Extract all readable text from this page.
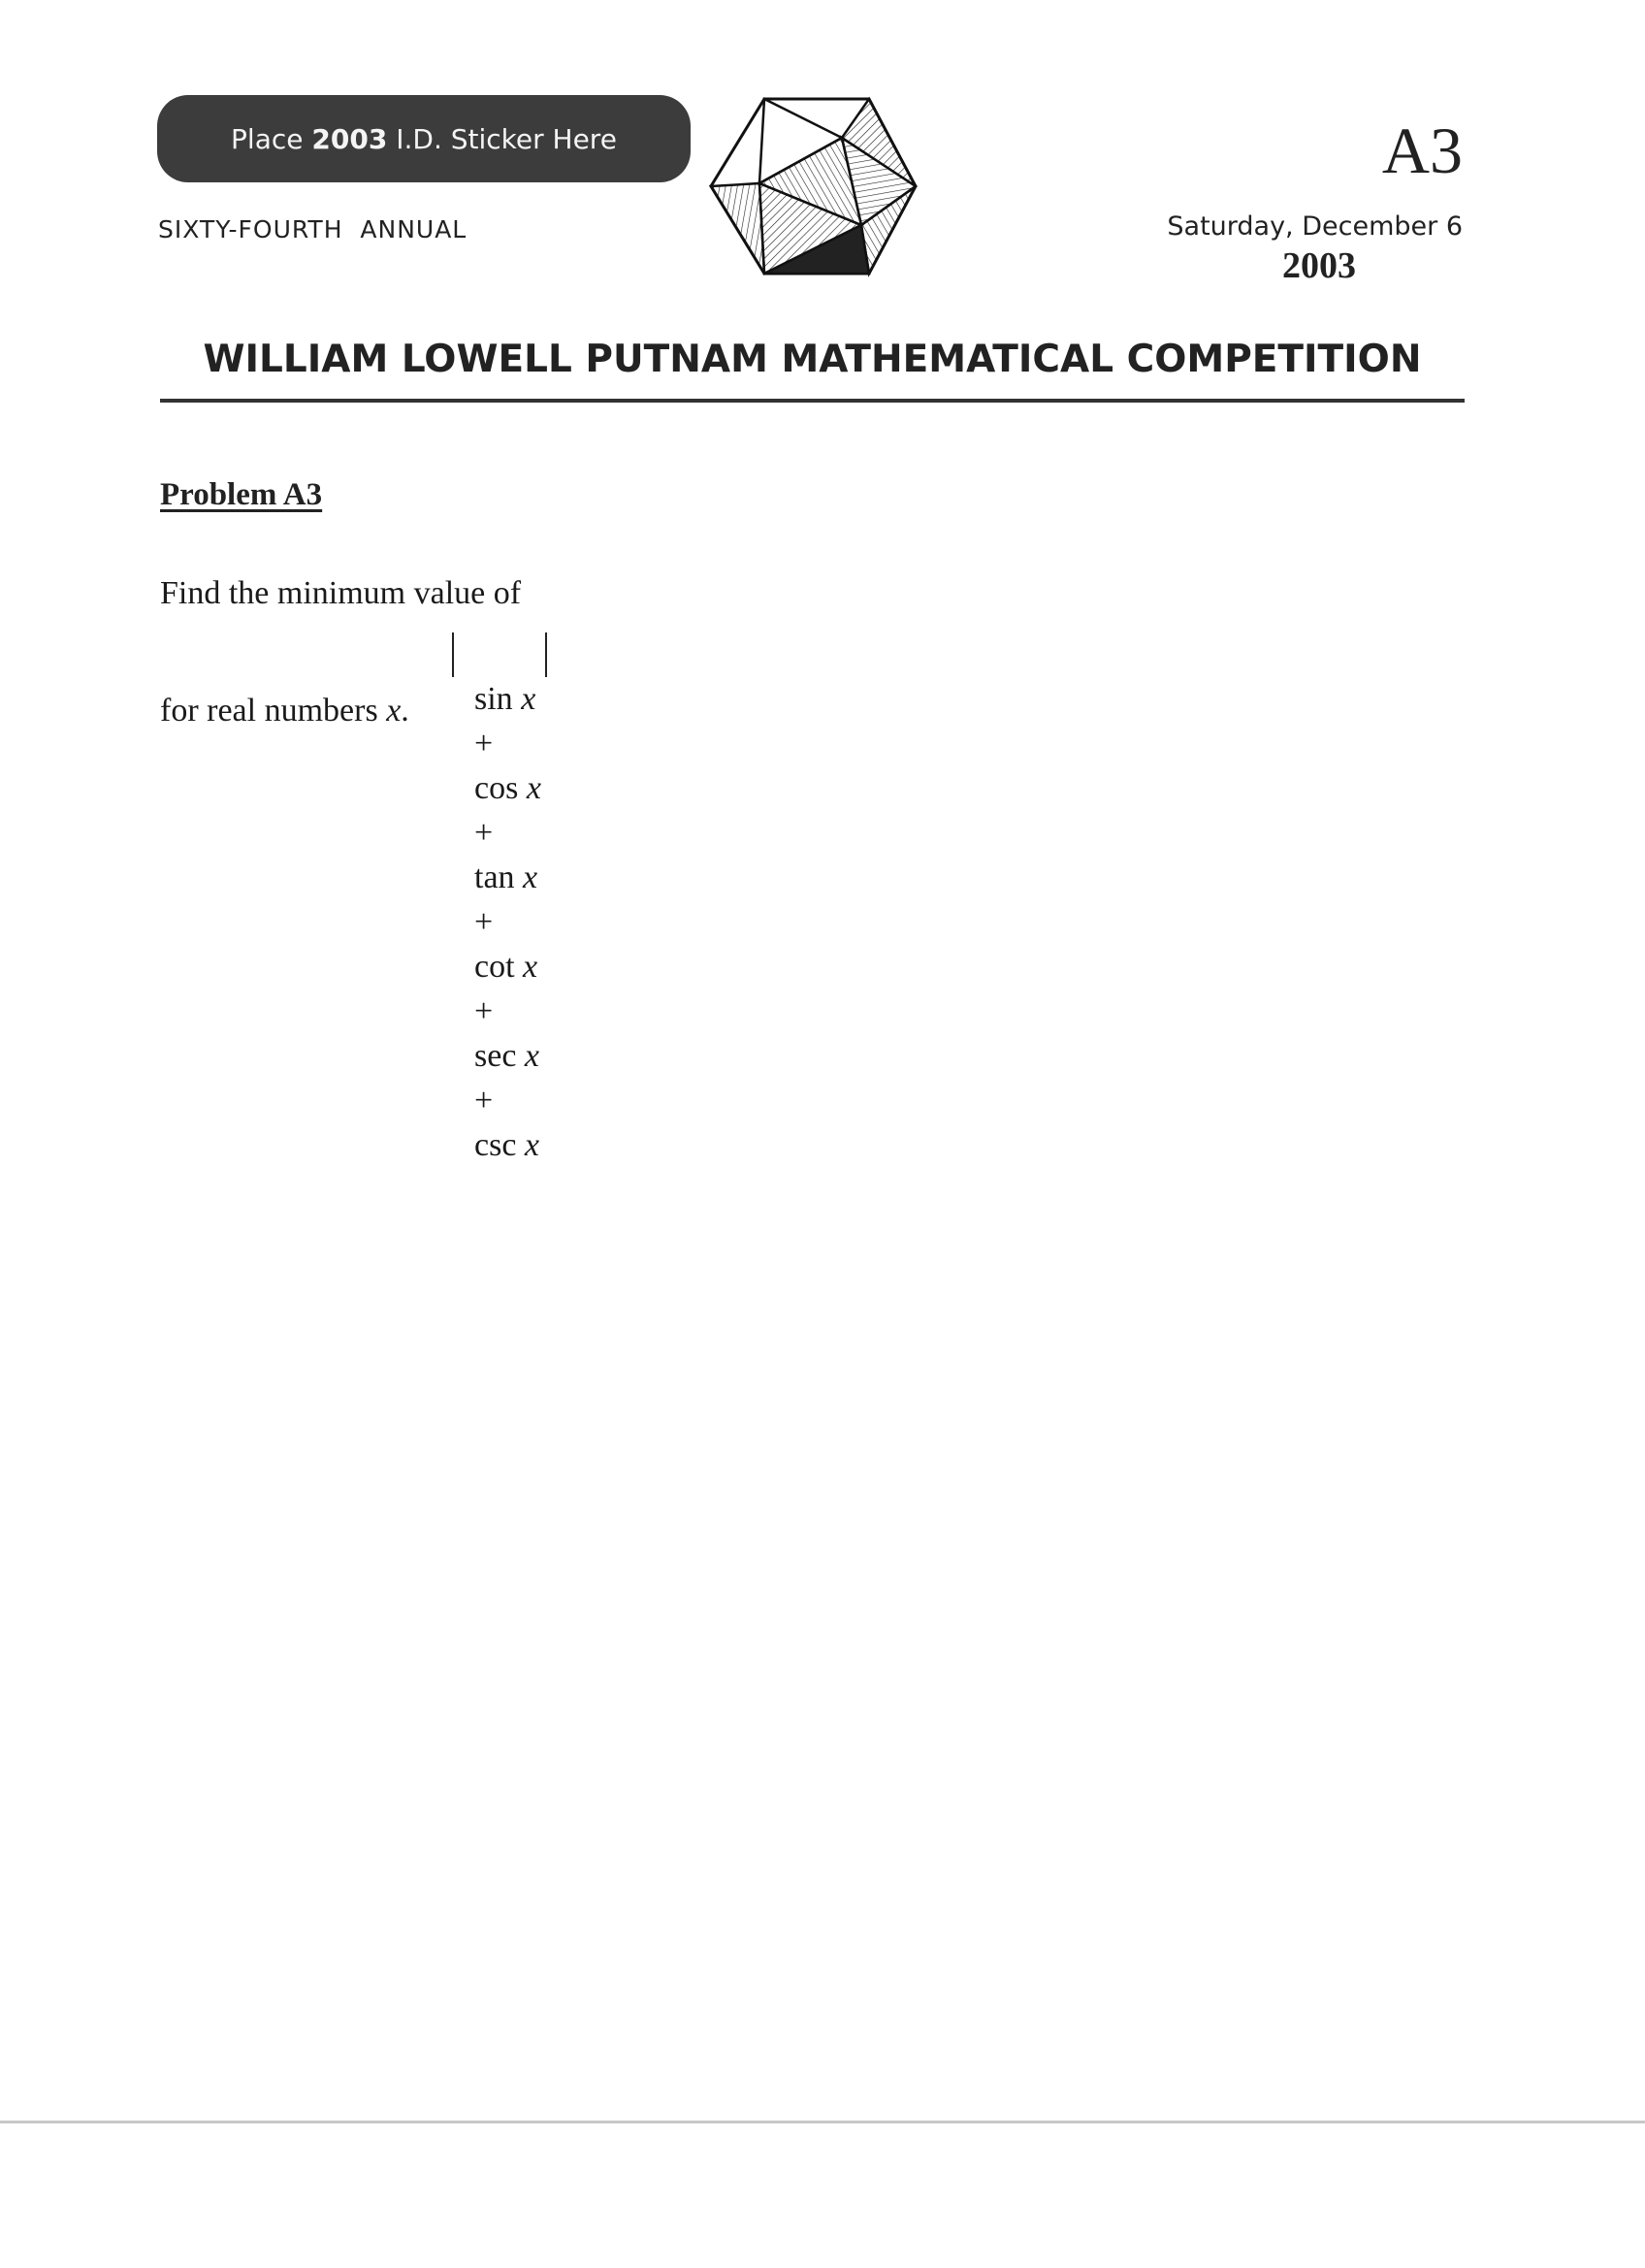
Place 2003 I.D. Sticker Here
SIXTY-FOURTH  ANNUAL
A3
Saturday, December 6
2003
WILLIAM LOWELL PUTNAM MATHEMATICAL COMPETITION
Problem A3
Find the minimum value of

sin x
+
cos x
+
tan x
+
cot x
+
sec x
+
csc x

for real numbers x.
